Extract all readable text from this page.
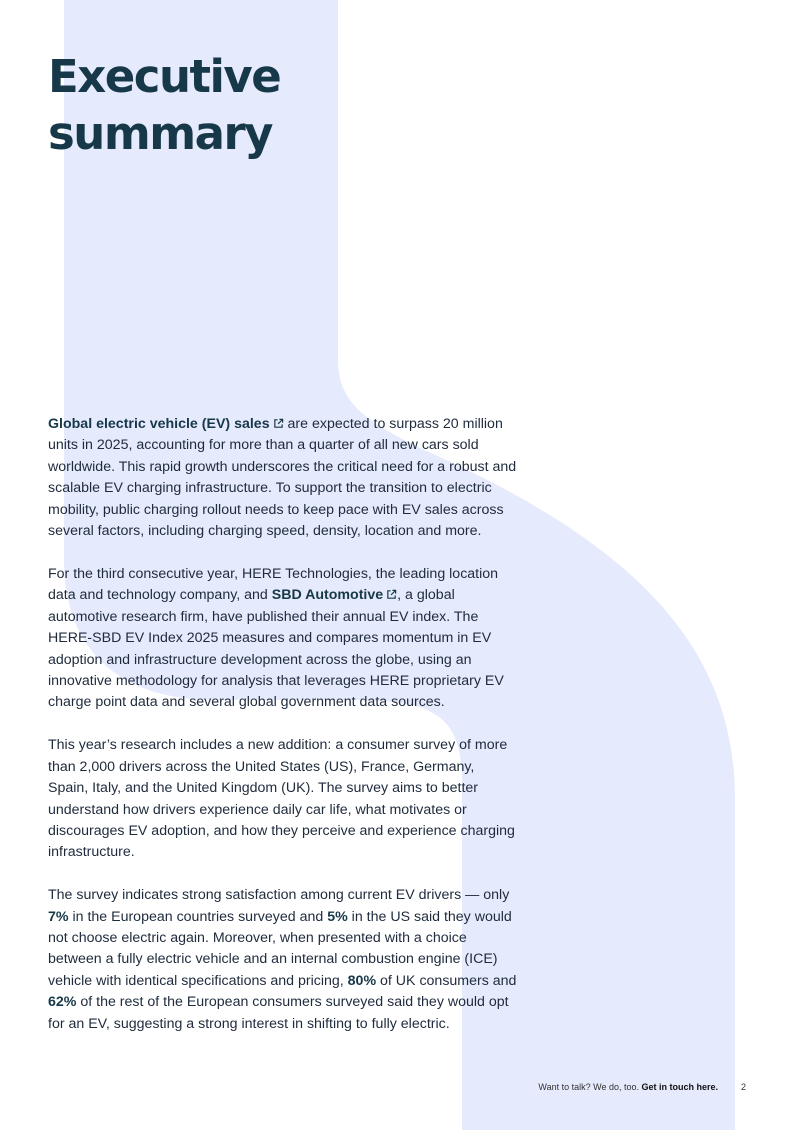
Executive
summary

Global electric vehicle (EV) sales are expected to surpass 20 million units in 2025, accounting for more than a quarter of all new cars sold worldwide. This rapid growth underscores the critical need for a robust and scalable EV charging infrastructure. To support the transition to electric mobility, public charging rollout needs to keep pace with EV sales across several factors, including charging speed, density, location and more.

For the third consecutive year, HERE Technologies, the leading location data and technology company, and SBD Automotive , a global automotive research firm, have published their annual EV index. The HERE-SBD EV Index 2025 measures and compares momentum in EV adoption and infrastructure development across the globe, using an innovative methodology for analysis that leverages HERE proprietary EV charge point data and several global government data sources.

This year’s research includes a new addition: a consumer survey of more than 2,000 drivers across the United States (US), France, Germany, Spain, Italy, and the United Kingdom (UK). The survey aims to better understand how drivers experience daily car life, what motivates or discourages EV adoption, and how they perceive and experience charging infrastructure.

The survey indicates strong satisfaction among current EV drivers — only 7% in the European countries surveyed and 5% in the US said they would not choose electric again. Moreover, when presented with a choice between a fully electric vehicle and an internal combustion engine (ICE) vehicle with identical specifications and pricing, 80% of UK consumers and 62% of the rest of the European consumers surveyed said they would opt for an EV, suggesting a strong interest in shifting to fully electric.

Want to talk? We do, too. Get in touch here.	2
